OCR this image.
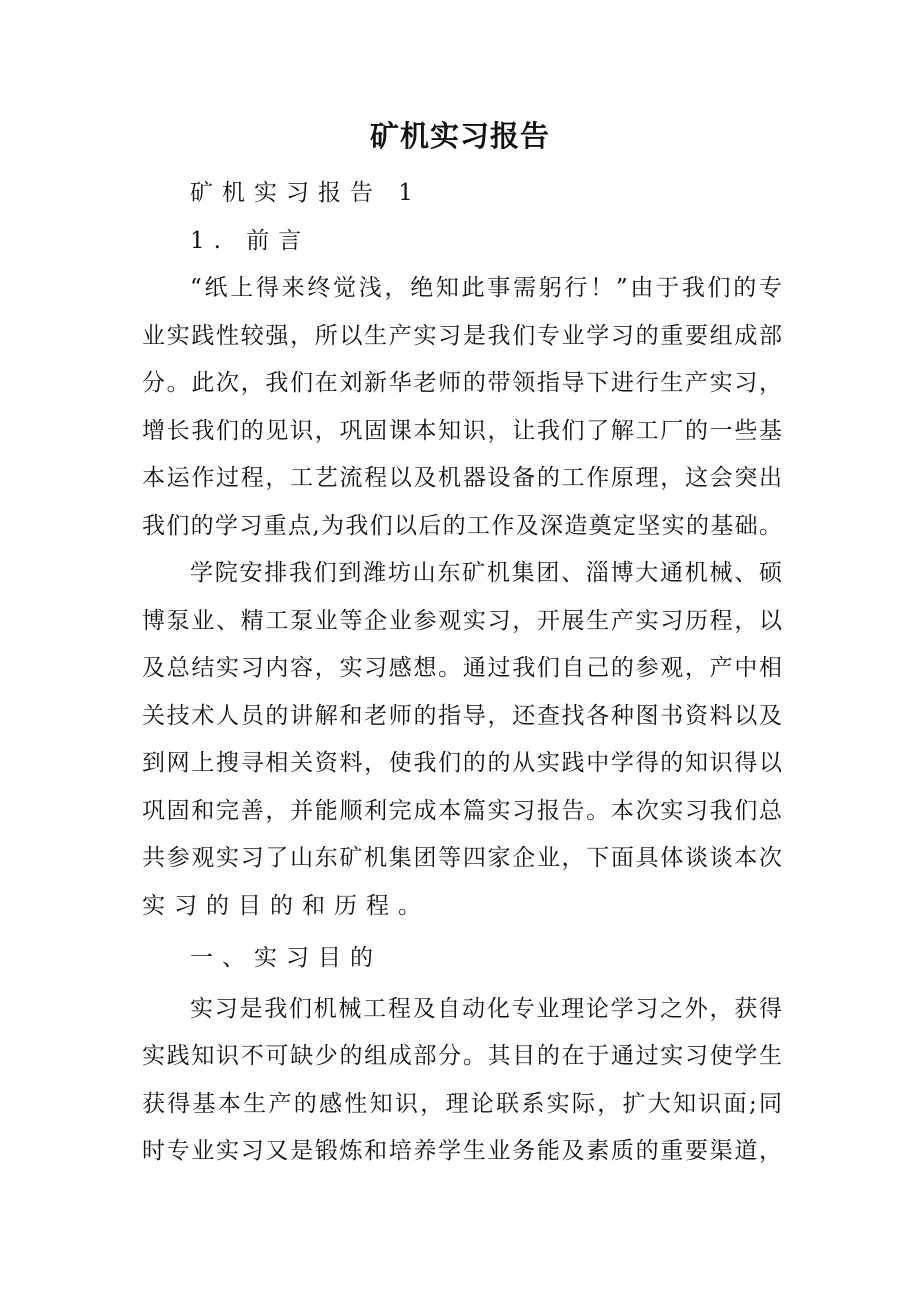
矿机实习报告
矿机实习报告 1
1. 前言
“纸上得来终觉浅，绝知此事需躬行！”由于我们的专
业实践性较强，所以生产实习是我们专业学习的重要组成部
分。此次，我们在刘新华老师的带领指导下进行生产实习，
增长我们的见识，巩固课本知识，让我们了解工厂的一些基
本运作过程，工艺流程以及机器设备的工作原理，这会突出
我们的学习重点,为我们以后的工作及深造奠定坚实的基础。
学院安排我们到潍坊山东矿机集团、淄博大通机械、硕
博泵业、精工泵业等企业参观实习，开展生产实习历程，以
及总结实习内容，实习感想。通过我们自己的参观，产中相
关技术人员的讲解和老师的指导，还查找各种图书资料以及
到网上搜寻相关资料，使我们的的从实践中学得的知识得以
巩固和完善，并能顺利完成本篇实习报告。本次实习我们总
共参观实习了山东矿机集团等四家企业，下面具体谈谈本次
实习的目的和历程。
一、实习目的
实习是我们机械工程及自动化专业理论学习之外，获得
实践知识不可缺少的组成部分。其目的在于通过实习使学生
获得基本生产的感性知识，理论联系实际，扩大知识面;同
时专业实习又是锻炼和培养学生业务能及素质的重要渠道，
